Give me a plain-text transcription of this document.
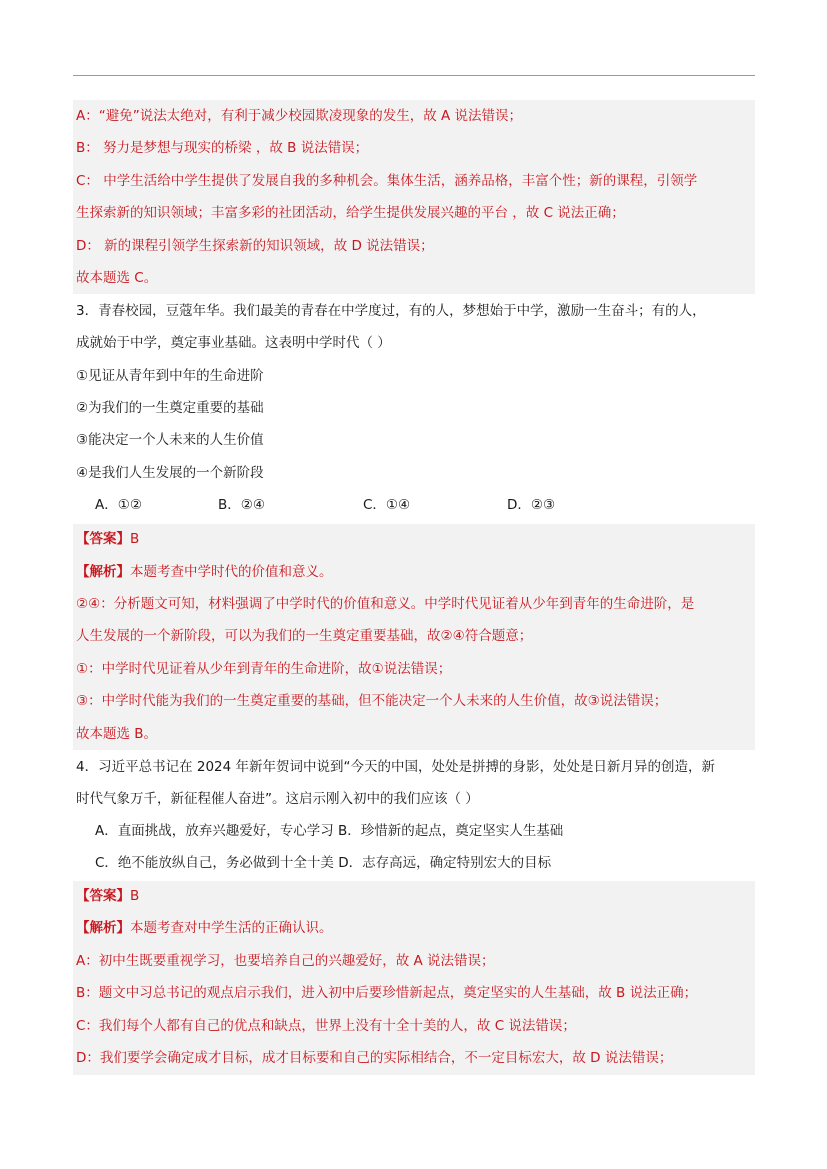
A：“避免”说法太绝对，有利于减少校园欺凌现象的发生，故 A 说法错误；
B： 努力是梦想与现实的桥梁 ，故 B 说法错误；
C： 中学生活给中学生提供了发展自我的多种机会。集体生活，涵养品格，丰富个性；新的课程，引领学
生探索新的知识领域；丰富多彩的社团活动，给学生提供发展兴趣的平台 ，故 C 说法正确；
D： 新的课程引领学生探索新的知识领域，故 D 说法错误；
故本题选 C。
3．青春校园，豆蔻年华。我们最美的青春在中学度过，有的人，梦想始于中学，激励一生奋斗；有的人，
成就始于中学，奠定事业基础。这表明中学时代（ ）
①见证从青年到中年的生命进阶
②为我们的一生奠定重要的基础
③能决定一个人未来的人生价值
④是我们人生发展的一个新阶段
A．①②	B．②④	C．①④	D．②③
【答案】B
【解析】本题考查中学时代的价值和意义。
②④：分析题文可知，材料强调了中学时代的价值和意义。中学时代见证着从少年到青年的生命进阶，是
人生发展的一个新阶段，可以为我们的一生奠定重要基础，故②④符合题意；
①：中学时代见证着从少年到青年的生命进阶，故①说法错误；
③：中学时代能为我们的一生奠定重要的基础，但不能决定一个人未来的人生价值，故③说法错误；
故本题选 B。
4．习近平总书记在 2024 年新年贺词中说到“今天的中国，处处是拼搏的身影，处处是日新月异的创造，新
时代气象万千，新征程催人奋进”。这启示刚入初中的我们应该（ ）
A．直面挑战，放弃兴趣爱好，专心学习 B．珍惜新的起点，奠定坚实人生基础
C．绝不能放纵自己，务必做到十全十美 D．志存高远，确定特别宏大的目标
【答案】B
【解析】本题考查对中学生活的正确认识。
A：初中生既要重视学习，也要培养自己的兴趣爱好，故 A 说法错误；
B：题文中习总书记的观点启示我们，进入初中后要珍惜新起点，奠定坚实的人生基础，故 B 说法正确；
C：我们每个人都有自己的优点和缺点，世界上没有十全十美的人，故 C 说法错误；
D：我们要学会确定成才目标，成才目标要和自己的实际相结合，不一定目标宏大，故 D 说法错误；
